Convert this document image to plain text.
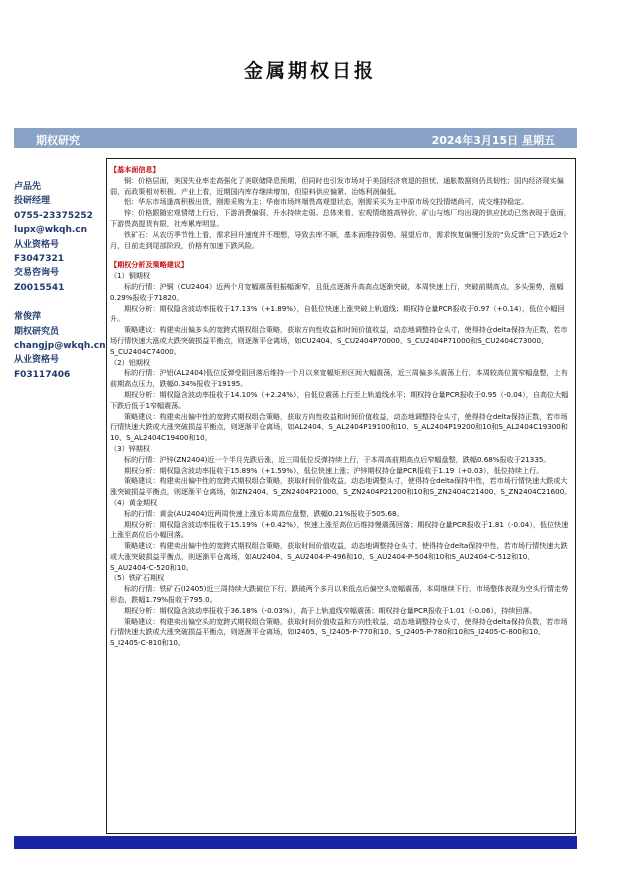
金属期权日报
期权研究	2024年3月15日 星期五
卢品先
投研经理
0755-23375252
lupx@wkqh.cn
从业资格号
F3047321
交易咨询号
Z0015541
常俊萍
期权研究员
changjp@wkqh.cn
从业资格号
F03117406

【基本面信息】

铜：价格层面，美国失业率走高强化了美联储降息预期，但同时也引发市场对于美国经济衰退的担忧，通胀数据则仍具韧性；国内经济现实偏弱，而政策相对积极。产业上看，近期国内库存继续增加，但原料供应偏紧、冶炼利润偏低。

铝：华东市场逢高积极出货，刚需采购为主；华南市场终端畏高观望状态，刚需采买为主中原市场交投情绪尚可，成交维持稳定。

锌：价格跟随宏观情绪上行后，下游消费偏弱，升水持续走弱。总体来看，宏观情绪推高锌价，矿山与炼厂均出现的供应扰动已然表现于盘面，下游畏高提货有限，社库累库明显。

铁矿石：从农历季节性上看，需求回升速度并不理想，导致去库不顺，基本面维持弱势。展望后市，需求恢复偏慢引发的“负反馈”已下跌近2个月，目前走到尾部阶段，价格有加速下跌风险。

【期权分析及策略建议】

（1）铜期权

标的行情：沪铜（CU2404）近两个月宽幅震荡但振幅渐窄，且低点逐渐升高高点逐渐突破，本周快速上行，突破前期高点，多头强势，涨幅0.29%报收于71820。

期权分析：期权隐含波动率报收于17.13%（+1.89%），自低位快速上涨突破上轨道线；期权持仓量PCR报收于0.97（+0.14），低位小幅回升。

策略建议：构建卖出偏多头的宽跨式期权组合策略，获取方向性收益和时间价值收益，动态地调整持仓头寸，使得持仓delta保持为正数，若市场行情快速大涨或大跌突破损益平衡点，则逐渐平仓离场，如CU2404、S_CU2404P70000、S_CU2404P71000和S_CU2404C73000、S_CU2404C74000。

（2）铝期权

标的行情：沪铝(AL2404)低位反弹受阻回落后维持一个月以来宽幅矩形区间大幅震荡，近三周偏多头震荡上行，本周较高位置窄幅盘整，上有前期高点压力，跌幅0.34%报收于19195。

期权分析：期权隐含波动率报收于14.10%（+2.24%），自低位震荡上行至上轨道线水平；期权持仓量PCR报收于0.95（-0.04），自高位大幅下跌后低于1窄幅震荡。

策略建议：构建卖出偏中性的宽跨式期权组合策略，获取方向性收益和时间价值收益，动态地调整持仓头寸，使得持仓delta保持正数，若市场行情快速大跌或大涨突破损益平衡点，则逐渐平仓离场，如AL2404、S_AL2404P19100和10、S_AL2404P19200和10和S_AL2404C19300和10、S_AL2404C19400和10。

（3）锌期权

标的行情：沪锌(ZN2404)近一个半月先跌后涨，近三周低位反弹持续上行，于本周高前期高点后窄幅盘整，跌幅0.68%报收于21335。

期权分析：期权隐含波动率报收于15.89%（+1.59%），低位快速上涨；沪锌期权持仓量PCR报收于1.19（+0.03），低位持续上行。

策略建议：构建卖出偏中性的宽跨式期权组合策略，获取时间价值收益，动态地调整头寸，使得持仓delta保持中性，若市场行情快速大跌或大涨突破损益平衡点，则逐渐平仓离场，如ZN2404、S_ZN2404P21000、S_ZN2404P21200和10和S_ZN2404C21400、S_ZN2404C21600。

（4）黄金期权

标的行情：黄金(AU2404)近两周快速上涨后本周高位盘整，跌幅0.21%报收于505.68。

期权分析：期权隐含波动率报收于15.19%（+0.42%），快速上涨至高位后维持慢震荡回落；期权持仓量PCR报收于1.81（-0.04），低位快速上涨至高位后小幅回落。

策略建议：构建卖出偏中性的宽跨式期权组合策略，获取时间价值收益，动态地调整持仓头寸，使得持仓delta保持中性，若市场行情快速大跌或大涨突破损益平衡点，则逐渐平仓离场，如AU2404、S_AU2404-P-496和10、S_AU2404-P-504和10和S_AU2404-C-512和10、S_AU2404-C-520和10。

（5）铁矿石期权

标的行情：铁矿石(I2405)近三周持续大跌破位下行，跌破两个多月以来低点后偏空头宽幅震荡，本周继续下行，市场整体表现为空头行情走势形态，跌幅1.79%报收于795.0。

期权分析：期权隐含波动率报收于36.18%（-0.03%），高于上轨道线窄幅震荡；期权持仓量PCR报收于1.01（-0.06），持续回落。

策略建议：构建卖出偏空头的宽跨式期权组合策略，获取时间价值收益和方向性收益，动态地调整持仓头寸，使得持仓delta保持负数，若市场行情快速大跌或大涨突破损益平衡点，则逐渐平仓离场，如I2405、S_I2405-P-770和10、S_I2405-P-780和10和S_I2405-C-800和10、S_I2405-C-810和10。
